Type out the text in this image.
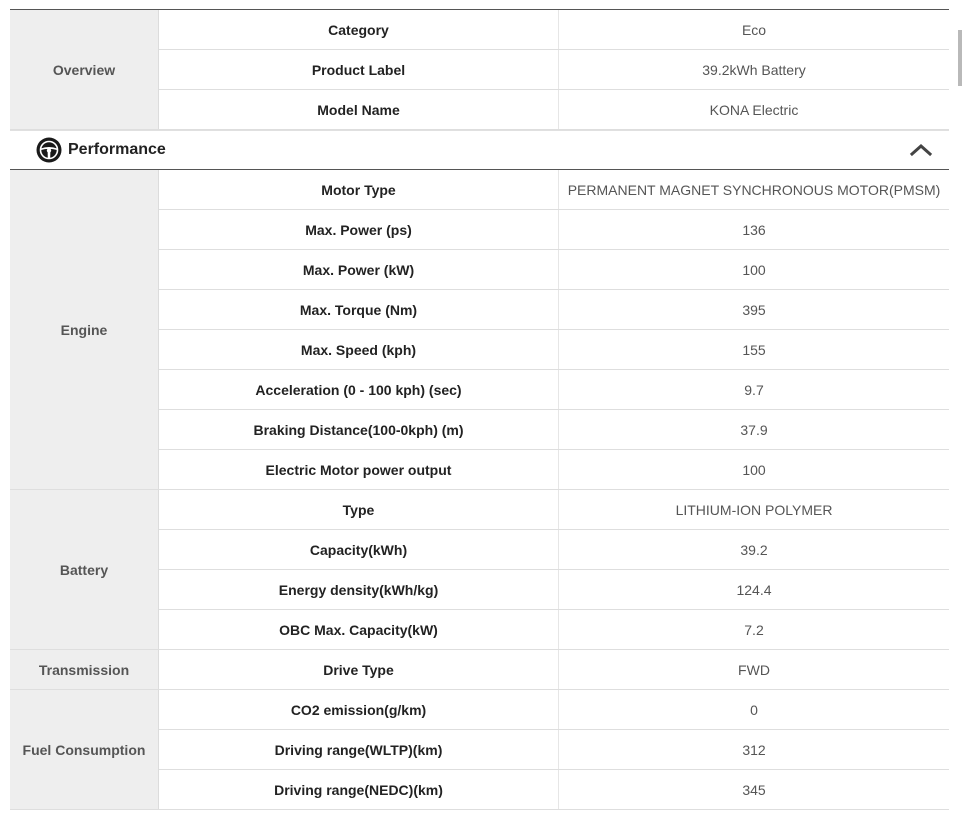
Overview	Category	Eco
	Product Label	39.2kWh Battery
	Model Name	KONA Electric
Performance
Engine	Motor Type	PERMANENT MAGNET SYNCHRONOUS MOTOR(PMSM)
	Max. Power (ps)	136
	Max. Power (kW)	100
	Max. Torque (Nm)	395
	Max. Speed (kph)	155
	Acceleration (0 - 100 kph) (sec)	9.7
	Braking Distance(100-0kph) (m)	37.9
	Electric Motor power output	100
Battery	Type	LITHIUM-ION POLYMER
	Capacity(kWh)	39.2
	Energy density(kWh/kg)	124.4
	OBC Max. Capacity(kW)	7.2
Transmission	Drive Type	FWD
Fuel Consumption	CO2 emission(g/km)	0
	Driving range(WLTP)(km)	312
	Driving range(NEDC)(km)	345
